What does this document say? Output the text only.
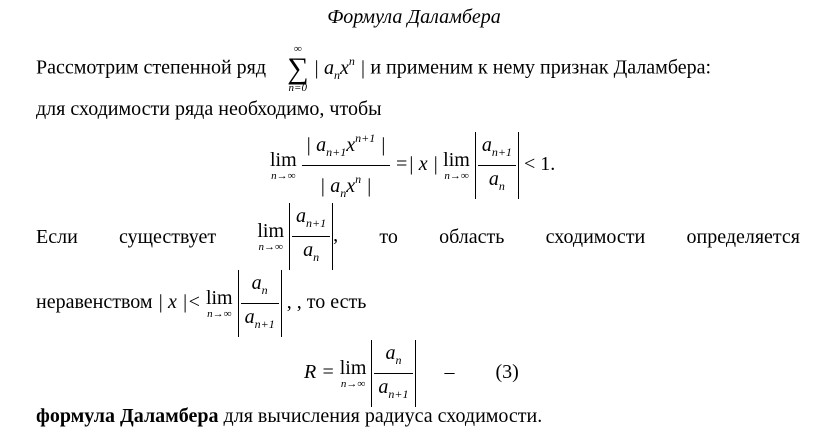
Формула Даламбера
Рассмотрим степенной ряд
∞
∑
n=0
| $a_nx^n$ | и применим к нему признак Даламбера:
для сходимости ряда необходимо, чтобы
lim
n→∞
$\frac{| a_{n+1}x^{n+1} |}{| a_nx^n |}$ =| x | lim
n→∞
$\frac{a_{n+1}}{a_n} < 1$.
Если существует lim
n→∞
$\frac{a_{n+1}}{a_n}$ , то область сходимости определяется
неравенством | x |< lim
n→∞
$\frac{a_n}{a_{n+1}}$ , , то есть
R = lim
n→∞
$\frac{a_n}{a_{n+1}} - (3)$
формула Даламбера для вычисления радиуса сходимости.
